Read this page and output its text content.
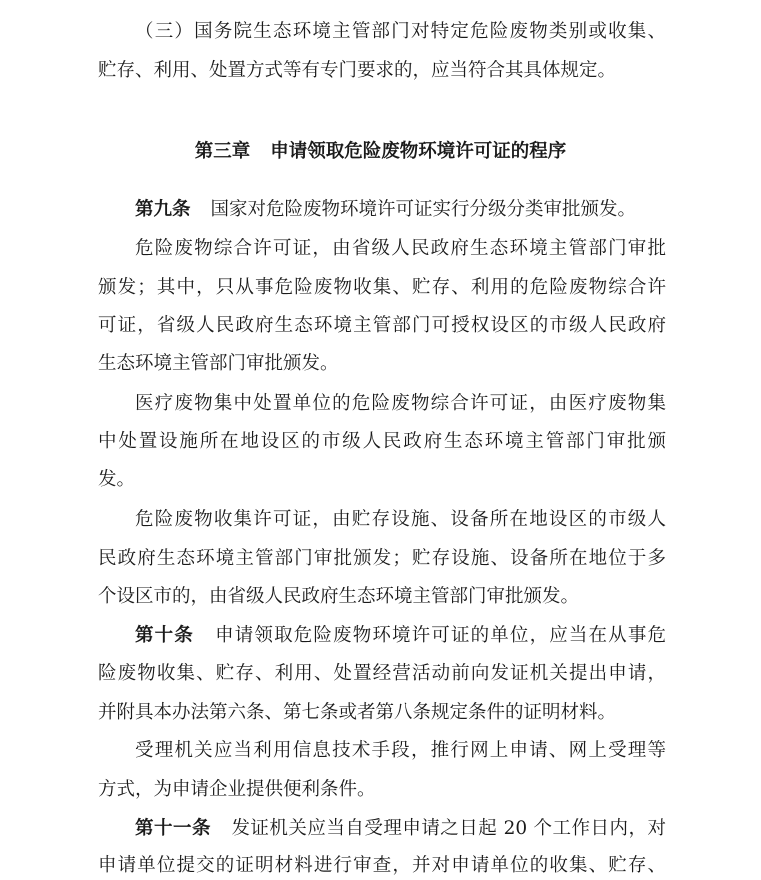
（三）国务院生态环境主管部门对特定危险废物类别或收集、
贮存、利用、处置方式等有专门要求的，应当符合其具体规定。
第三章 申请领取危险废物环境许可证的程序
第九条 国家对危险废物环境许可证实行分级分类审批颁发。
危险废物综合许可证，由省级人民政府生态环境主管部门审批
颁发；其中，只从事危险废物收集、贮存、利用的危险废物综合许
可证，省级人民政府生态环境主管部门可授权设区的市级人民政府
生态环境主管部门审批颁发。
医疗废物集中处置单位的危险废物综合许可证，由医疗废物集
中处置设施所在地设区的市级人民政府生态环境主管部门审批颁
发。
危险废物收集许可证，由贮存设施、设备所在地设区的市级人
民政府生态环境主管部门审批颁发；贮存设施、设备所在地位于多
个设区市的，由省级人民政府生态环境主管部门审批颁发。
第十条 申请领取危险废物环境许可证的单位，应当在从事危
险废物收集、贮存、利用、处置经营活动前向发证机关提出申请，
并附具本办法第六条、第七条或者第八条规定条件的证明材料。
受理机关应当利用信息技术手段，推行网上申请、网上受理等
方式，为申请企业提供便利条件。
第十一条 发证机关应当自受理申请之日起 20 个工作日内，对
申请单位提交的证明材料进行审查，并对申请单位的收集、贮存、
